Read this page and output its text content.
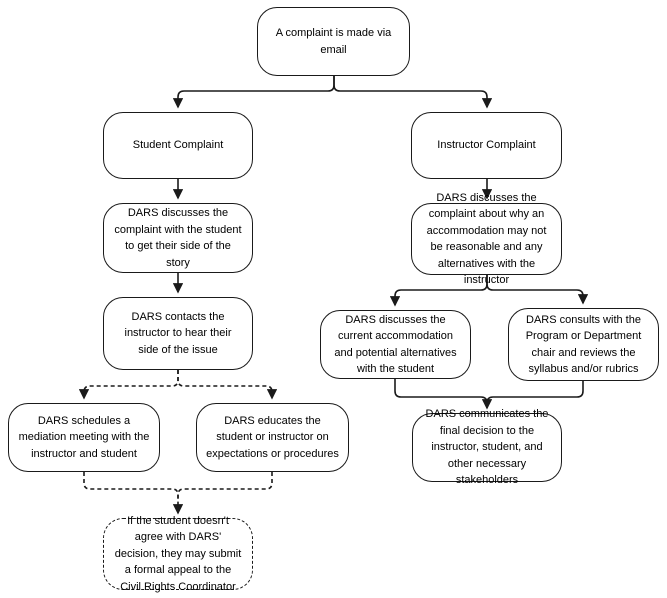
A complaint is made via email
Student Complaint	Instructor Complaint
DARS discusses the complaint with the student to get their side of the story
DARS contacts the instructor to hear their side of the issue
DARS schedules a mediation meeting with the instructor and student
DARS educates the student or instructor on expectations or procedures
If the student doesn't agree with DARS' decision, they may submit a formal appeal to the Civil Rights Coordinator
DARS discusses the complaint about why an accommodation may not be reasonable and any alternatives with the instructor
DARS discusses the current accommodation and potential alternatives with the student
DARS consults with the Program or Department chair and reviews the syllabus and/or rubrics
DARS communicates the final decision to the instructor, student, and other necessary stakeholders
